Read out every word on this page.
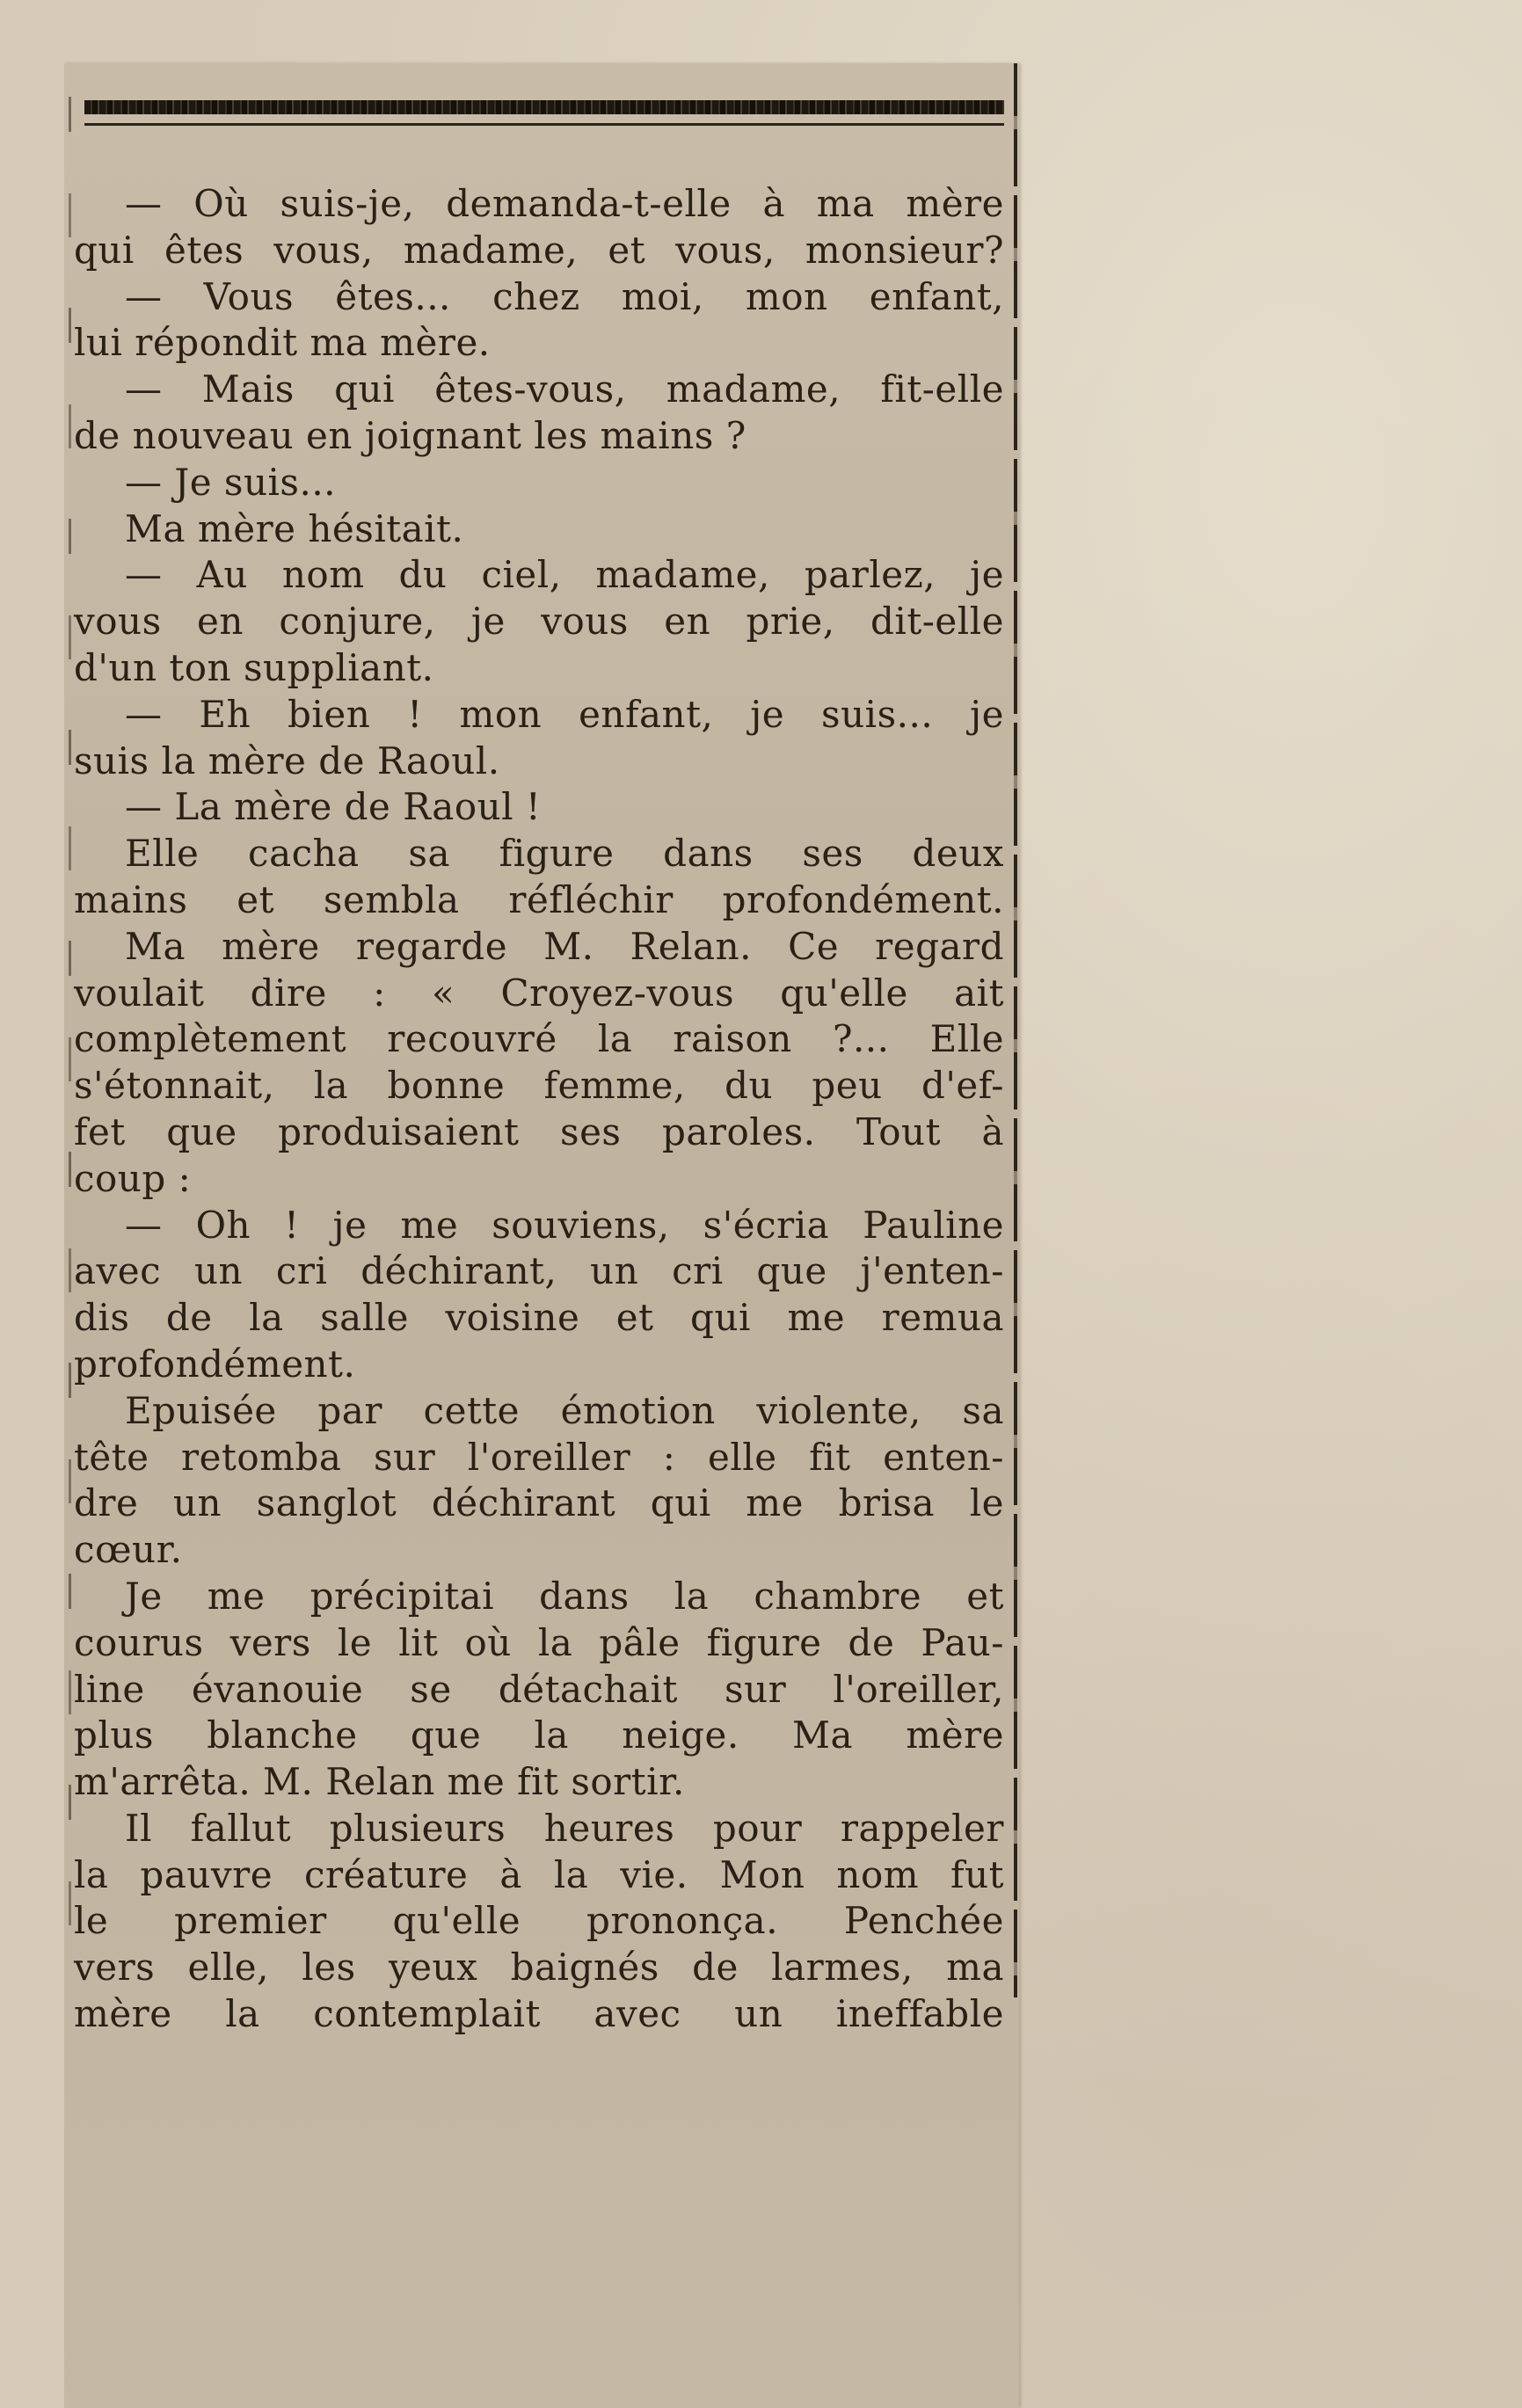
— Où suis-je, demanda-t-elle à ma mère
qui êtes vous, madame, et vous, monsieur?
— Vous êtes... chez moi, mon enfant,
lui répondit ma mère.
— Mais qui êtes-vous, madame, fit-elle
de nouveau en joignant les mains ?
— Je suis...
Ma mère hésitait.
— Au nom du ciel, madame, parlez, je
vous en conjure, je vous en prie, dit-elle
d'un ton suppliant.
— Eh bien ! mon enfant, je suis... je
suis la mère de Raoul.
— La mère de Raoul !
Elle cacha sa figure dans ses deux
mains et sembla réfléchir profondément.
Ma mère regarde M. Relan. Ce regard
voulait dire : « Croyez-vous qu'elle ait
complètement recouvré la raison ?... Elle
s'étonnait, la bonne femme, du peu d'ef-
fet que produisaient ses paroles. Tout à
coup :
— Oh ! je me souviens, s'écria Pauline
avec un cri déchirant, un cri que j'enten-
dis de la salle voisine et qui me remua
profondément.
Epuisée par cette émotion violente, sa
tête retomba sur l'oreiller : elle fit enten-
dre un sanglot déchirant qui me brisa le
cœur.
Je me précipitai dans la chambre et
courus vers le lit où la pâle figure de Pau-
line évanouie se détachait sur l'oreiller,
plus blanche que la neige. Ma mère
m'arrêta. M. Relan me fit sortir.
Il fallut plusieurs heures pour rappeler
la pauvre créature à la vie. Mon nom fut
le premier qu'elle prononça. Penchée
vers elle, les yeux baignés de larmes, ma
mère la contemplait avec un ineffable
